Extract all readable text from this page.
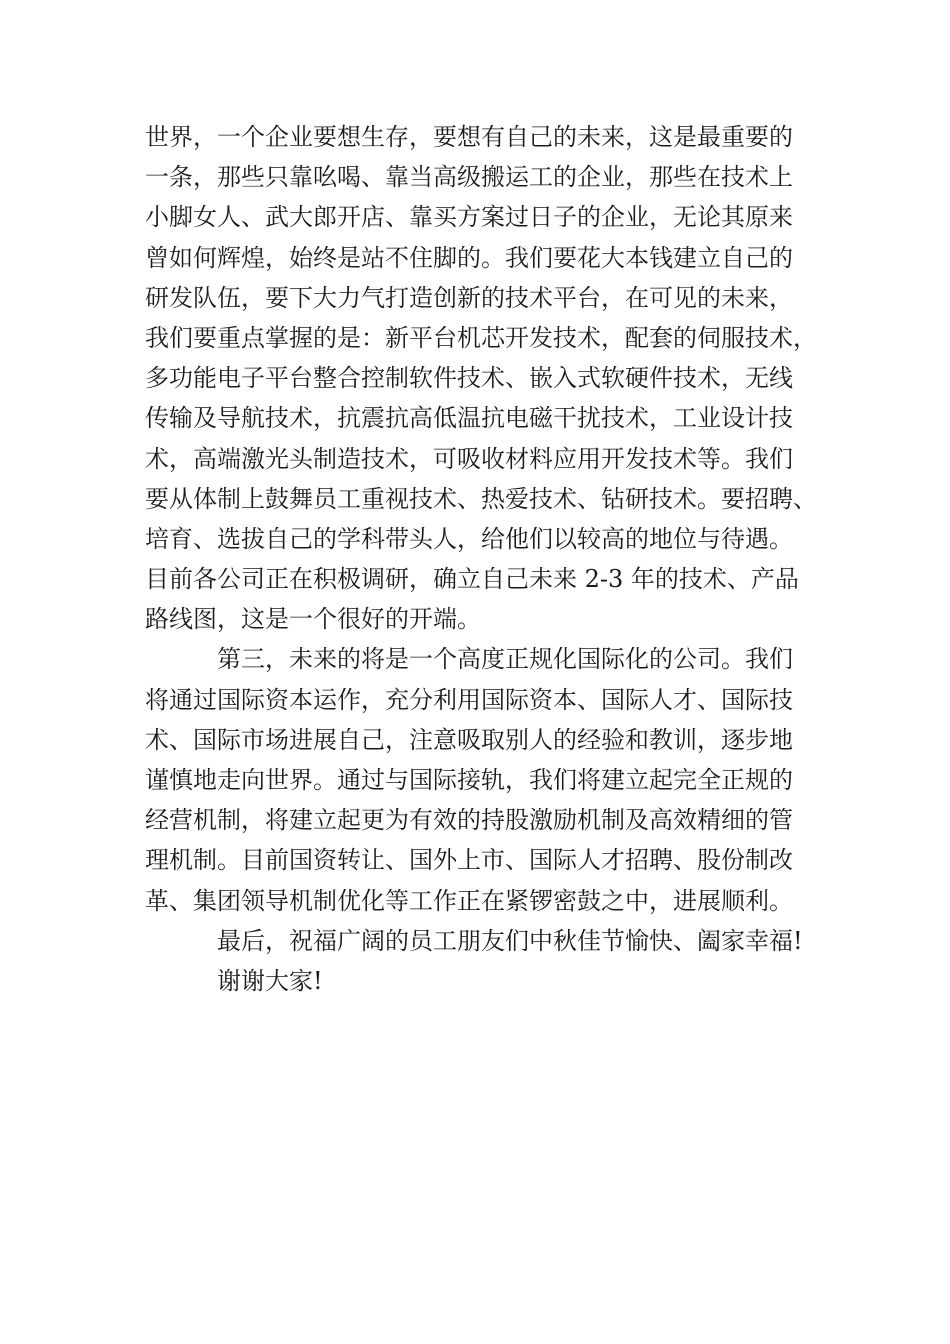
世界，一个企业要想生存，要想有自己的未来，这是最重要的
一条，那些只靠吆喝、靠当高级搬运工的企业，那些在技术上
小脚女人、武大郎开店、靠买方案过日子的企业，无论其原来
曾如何辉煌，始终是站不住脚的。我们要花大本钱建立自己的
研发队伍，要下大力气打造创新的技术平台，在可见的未来，
我们要重点掌握的是：新平台机芯开发技术，配套的伺服技术，
多功能电子平台整合控制软件技术、嵌入式软硬件技术，无线
传输及导航技术，抗震抗高低温抗电磁干扰技术，工业设计技
术，高端激光头制造技术，可吸收材料应用开发技术等。我们
要从体制上鼓舞员工重视技术、热爱技术、钻研技术。要招聘、
培育、选拔自己的学科带头人，给他们以较高的地位与待遇。
目前各公司正在积极调研，确立自己未来 2-3 年的技术、产品
路线图，这是一个很好的开端。
第三，未来的将是一个高度正规化国际化的公司。我们
将通过国际资本运作，充分利用国际资本、国际人才、国际技
术、国际市场进展自己，注意吸取别人的经验和教训，逐步地
谨慎地走向世界。通过与国际接轨，我们将建立起完全正规的
经营机制，将建立起更为有效的持股激励机制及高效精细的管
理机制。目前国资转让、国外上市、国际人才招聘、股份制改
革、集团领导机制优化等工作正在紧锣密鼓之中，进展顺利。
最后，祝福广阔的员工朋友们中秋佳节愉快、阖家幸福!
谢谢大家!
